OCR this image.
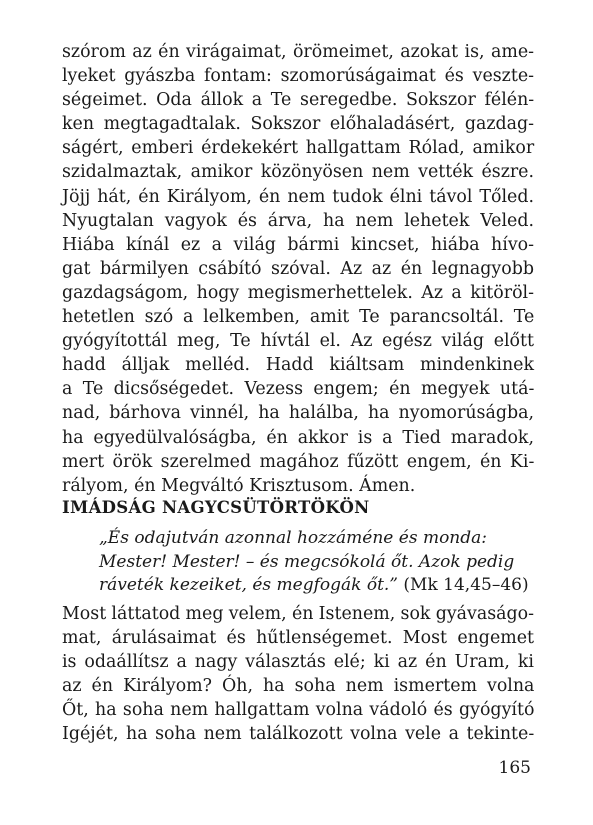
szórom az én virágaimat, örömeimet, azokat is, ame-
lyeket gyászba fontam: szomorúságaimat és veszte-
ségeimet. Oda állok a Te seregedbe. Sokszor félén-
ken megtagadtalak. Sokszor előhaladásért, gazdag-
ságért, emberi érdekekért hallgattam Rólad, amikor
szidalmaztak, amikor közönyösen nem vették észre.
Jöjj hát, én Királyom, én nem tudok élni távol Tőled.
Nyugtalan vagyok és árva, ha nem lehetek Veled.
Hiába kínál ez a világ bármi kincset, hiába hívo-
gat bármilyen csábító szóval. Az az én legnagyobb
gazdagságom, hogy megismerhettelek. Az a kitöröl-
hetetlen szó a lelkemben, amit Te parancsoltál. Te
gyógyítottál meg, Te hívtál el. Az egész világ előtt
hadd álljak melléd. Hadd kiáltsam mindenkinek
a Te dicsőségedet. Vezess engem; én megyek utá-
nad, bárhova vinnél, ha halálba, ha nyomorúságba,
ha egyedülvalóságba, én akkor is a Tied maradok,
mert örök szerelmed magához fűzött engem, én Ki-
rályom, én Megváltó Krisztusom. Ámen.

IMÁDSÁG NAGYCSÜTÖRTÖKÖN
„És odajutván azonnal hozzáméne és monda:
Mester! Mester! – és megcsókolá őt. Azok pedig
ráveték kezeiket, és megfogák őt.” (Mk 14,45–46)

Most láttatod meg velem, én Istenem, sok gyávaságo-
mat, árulásaimat és hűtlenségemet. Most engemet
is odaállítsz a nagy választás elé; ki az én Uram, ki
az én Királyom? Óh, ha soha nem ismertem volna
Őt, ha soha nem hallgattam volna vádoló és gyógyító
Igéjét, ha soha nem találkozott volna vele a tekinte-

165
